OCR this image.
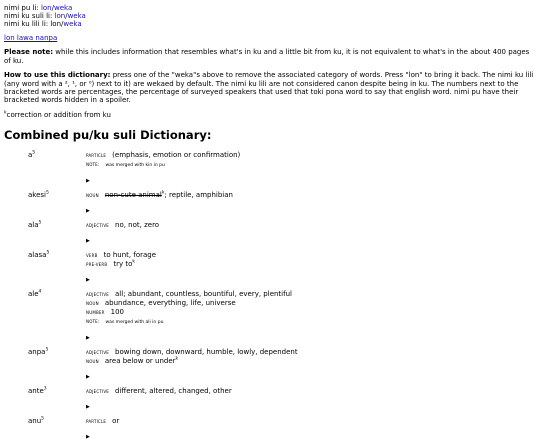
nimi pu li: lon/weka
nimi ku suli li: lon/weka
nimi ku lili li: lon/weka
lon lawa nanpa

Please note: while this includes information that resembles what's in ku and a little bit from ku, it is not equivalent to what's in the about 400 pages of ku.

How to use this dictionary: press one of the "weka"s above to remove the associated category of words. Press "lon" to bring it back. The nimi ku lili (any word with a ², ¹, or ⁰) next to it) are wekaed by default. The nimi ku lili are not considered canon despite being in ku. The numbers next to the bracketed words are percentages, the percentage of surveyed speakers that used that toki pona word to say that english word. nimi pu have their bracketed words hidden in a spoiler.

$^k$correction or addition from ku

Combined pu/ku suli Dictionary:
$a^5$	PARTICLE (emphasis, emotion or confirmation)
NOTE: was merged with kin in pu
▶
akesi$^5$	NOUN non-cute animal$^k$; reptile, amphibian
▶
ala$^5$	ADJECTIVE no, not, zero
▶
alasa$^5$	VERB to hunt, forage
PRE-VERB try $to^k$
▶
ale$^4$	ADJECTIVE all; abundant, countless, bountiful, every, plentiful
NOUN abundance, everything, life, universe
NUMBER 100
NOTE: was merged with ali in pu
▶
anpa$^5$	ADJECTIVE bowing down, downward, humble, lowly, dependent
NOUN area below or under$^k$
▶
ante$^3$	ADJECTIVE different, altered, changed, other
▶
anu$^5$	PARTICLE or
▶
